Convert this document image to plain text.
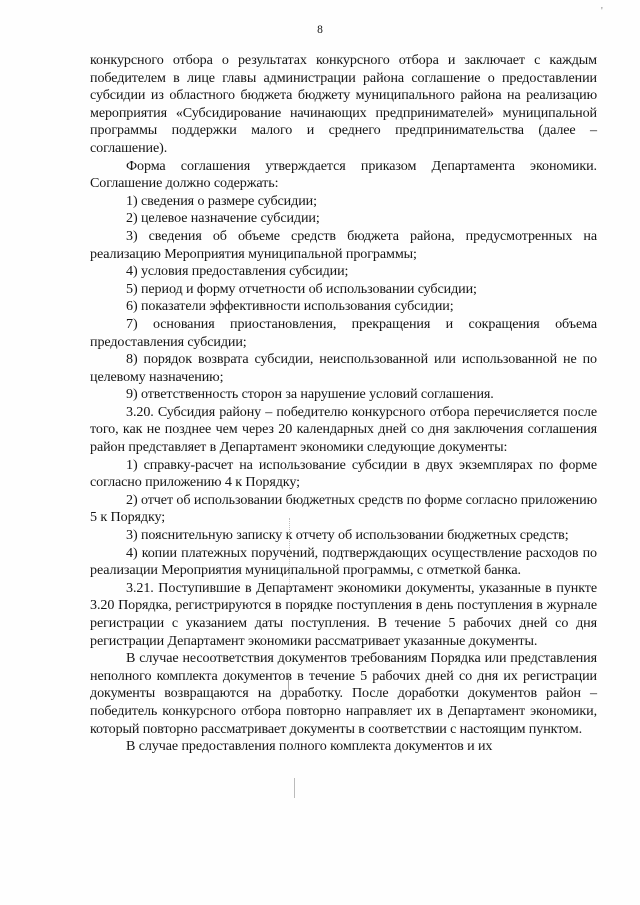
8
'

конкурсного отбора о результатах конкурсного отбора и заключает с каждым победителем в лице главы администрации района соглашение о предоставлении субсидии из областного бюджета бюджету муниципального района на реализацию мероприятия «Субсидирование начинающих предпринимателей» муниципальной программы поддержки малого и среднего предпринимательства (далее – соглашение).

Форма соглашения утверждается приказом Департамента экономики. Соглашение должно содержать:

1) сведения о размере субсидии;

2) целевое назначение субсидии;

3) сведения об объеме средств бюджета района, предусмотренных на реализацию Мероприятия муниципальной программы;

4) условия предоставления субсидии;

5) период и форму отчетности об использовании субсидии;

6) показатели эффективности использования субсидии;

7) основания приостановления, прекращения и сокращения объема предоставления субсидии;

8) порядок возврата субсидии, неиспользованной или использованной не по целевому назначению;

9) ответственность сторон за нарушение условий соглашения.

3.20. Субсидия району – победителю конкурсного отбора перечисляется после того, как не позднее чем через 20 календарных дней со дня заключения соглашения район представляет в Департамент экономики следующие документы:

1) справку-расчет на использование субсидии в двух экземплярах по форме согласно приложению 4 к Порядку;

2) отчет об использовании бюджетных средств по форме согласно приложению 5 к Порядку;

3) пояснительную записку к отчету об использовании бюджетных средств;

4) копии платежных поручений, подтверждающих осуществление расходов по реализации Мероприятия муниципальной программы, с отметкой банка.

3.21. Поступившие в Департамент экономики документы, указанные в пункте 3.20 Порядка, регистрируются в порядке поступления в день поступления в журнале регистрации с указанием даты поступления. В течение 5 рабочих дней со дня регистрации Департамент экономики рассматривает указанные документы.

В случае несоответствия документов требованиям Порядка или представления неполного комплекта документов в течение 5 рабочих дней со дня их регистрации документы возвращаются на доработку. После доработки документов район – победитель конкурсного отбора повторно направляет их в Департамент экономики, который повторно рассматривает документы в соответствии с настоящим пунктом.

В случае предоставления полного комплекта документов и их
